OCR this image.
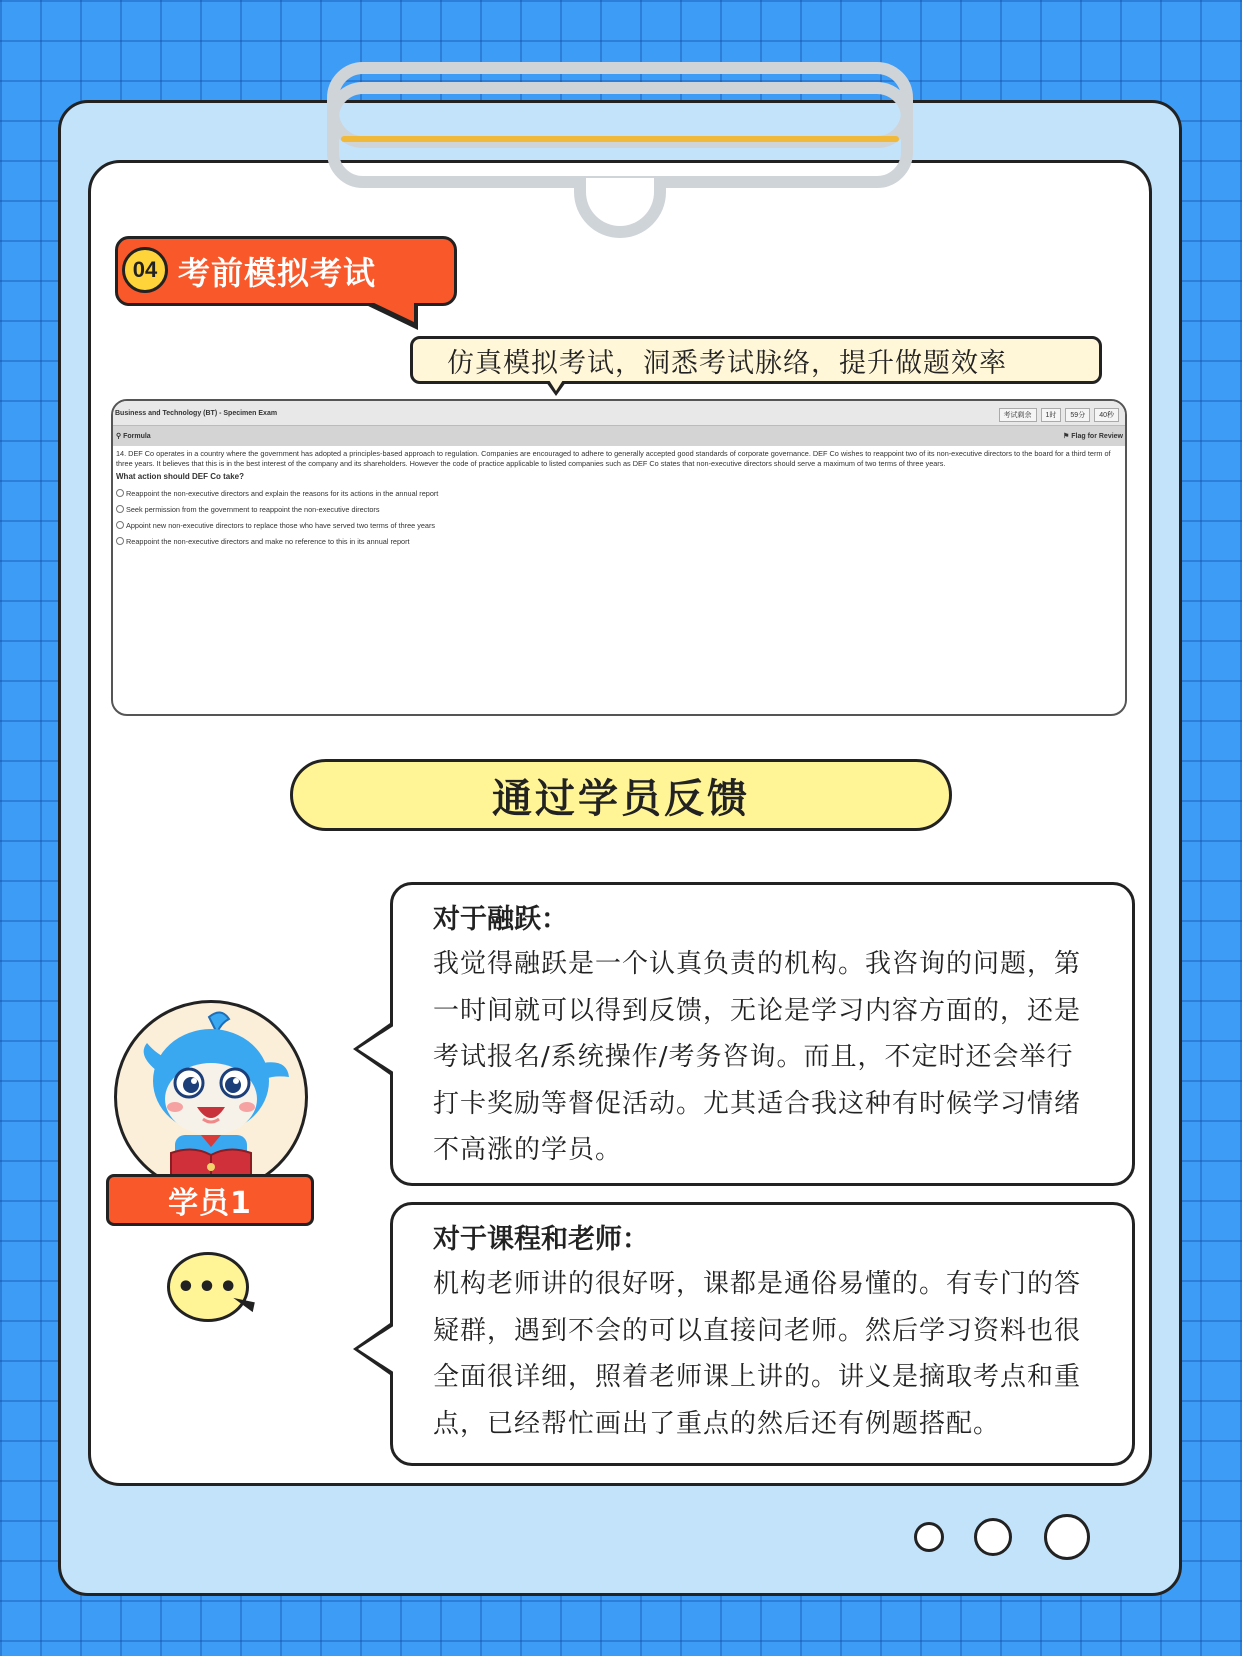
04 考前模拟考试
仿真模拟考试，洞悉考试脉络，提升做题效率
Business and Technology (BT) - Specimen Exam	考试剩余	1时	59分	40秒
⚲ Formula	⚑ Flag for Review
14. DEF Co operates in a country where the government has adopted a principles-based approach to regulation. Companies are encouraged to adhere to generally accepted good standards of corporate governance. DEF Co wishes to reappoint two of its non-executive directors to the board for a third term of three years. It believes that this is in the best interest of the company and its shareholders. However the code of practice applicable to listed companies such as DEF Co states that non-executive directors should serve a maximum of two terms of three years.
What action should DEF Co take?
Reappoint the non-executive directors and explain the reasons for its actions in the annual report
Seek permission from the government to reappoint the non-executive directors
Appoint new non-executive directors to replace those who have served two terms of three years
Reappoint the non-executive directors and make no reference to this in its annual report
通过学员反馈
学员1
•••
对于融跃：
我觉得融跃是一个认真负责的机构。我咨询的问题，第
一时间就可以得到反馈，无论是学习内容方面的，还是
考试报名/系统操作/考务咨询。而且，不定时还会举行
打卡奖励等督促活动。尤其适合我这种有时候学习情绪
不高涨的学员。
对于课程和老师：
机构老师讲的很好呀，课都是通俗易懂的。有专门的答
疑群，遇到不会的可以直接问老师。然后学习资料也很
全面很详细，照着老师课上讲的。讲义是摘取考点和重
点，已经帮忙画出了重点的然后还有例题搭配。
